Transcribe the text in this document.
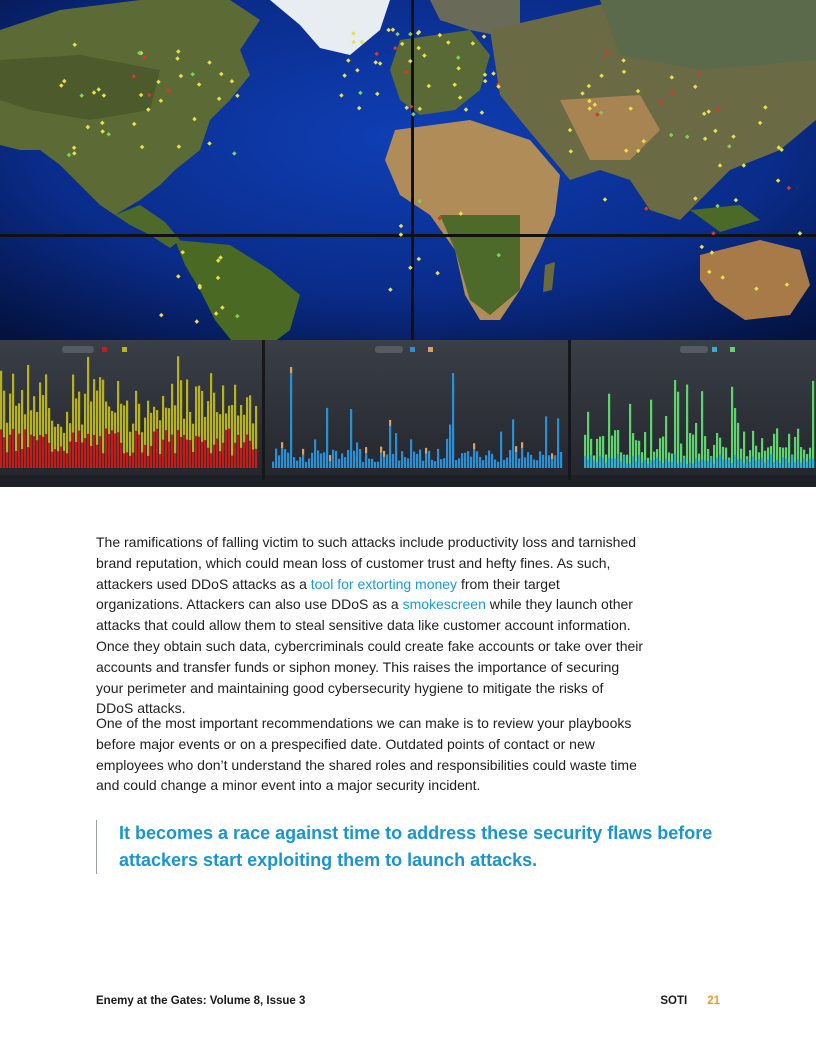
The ramifications of falling victim to such attacks include productivity loss and tarnished brand reputation, which could mean loss of customer trust and hefty fines. As such, attackers used DDoS attacks as a tool for extorting money from their target organizations. Attackers can also use DDoS as a smokescreen while they launch other attacks that could allow them to steal sensitive data like customer account information. Once they obtain such data, cybercriminals could create fake accounts or take over their accounts and transfer funds or siphon money. This raises the importance of securing your perimeter and maintaining good cybersecurity hygiene to mitigate the risks of DDoS attacks.

One of the most important recommendations we can make is to review your playbooks before major events or on a prespecified date. Outdated points of contact or new employees who don’t understand the shared roles and responsibilities could waste time and could change a minor event into a major security incident.

It becomes a race against time to address these security flaws before attackers start exploiting them to launch attacks.
Enemy at the Gates: Volume 8, Issue 3	SOTI 21
